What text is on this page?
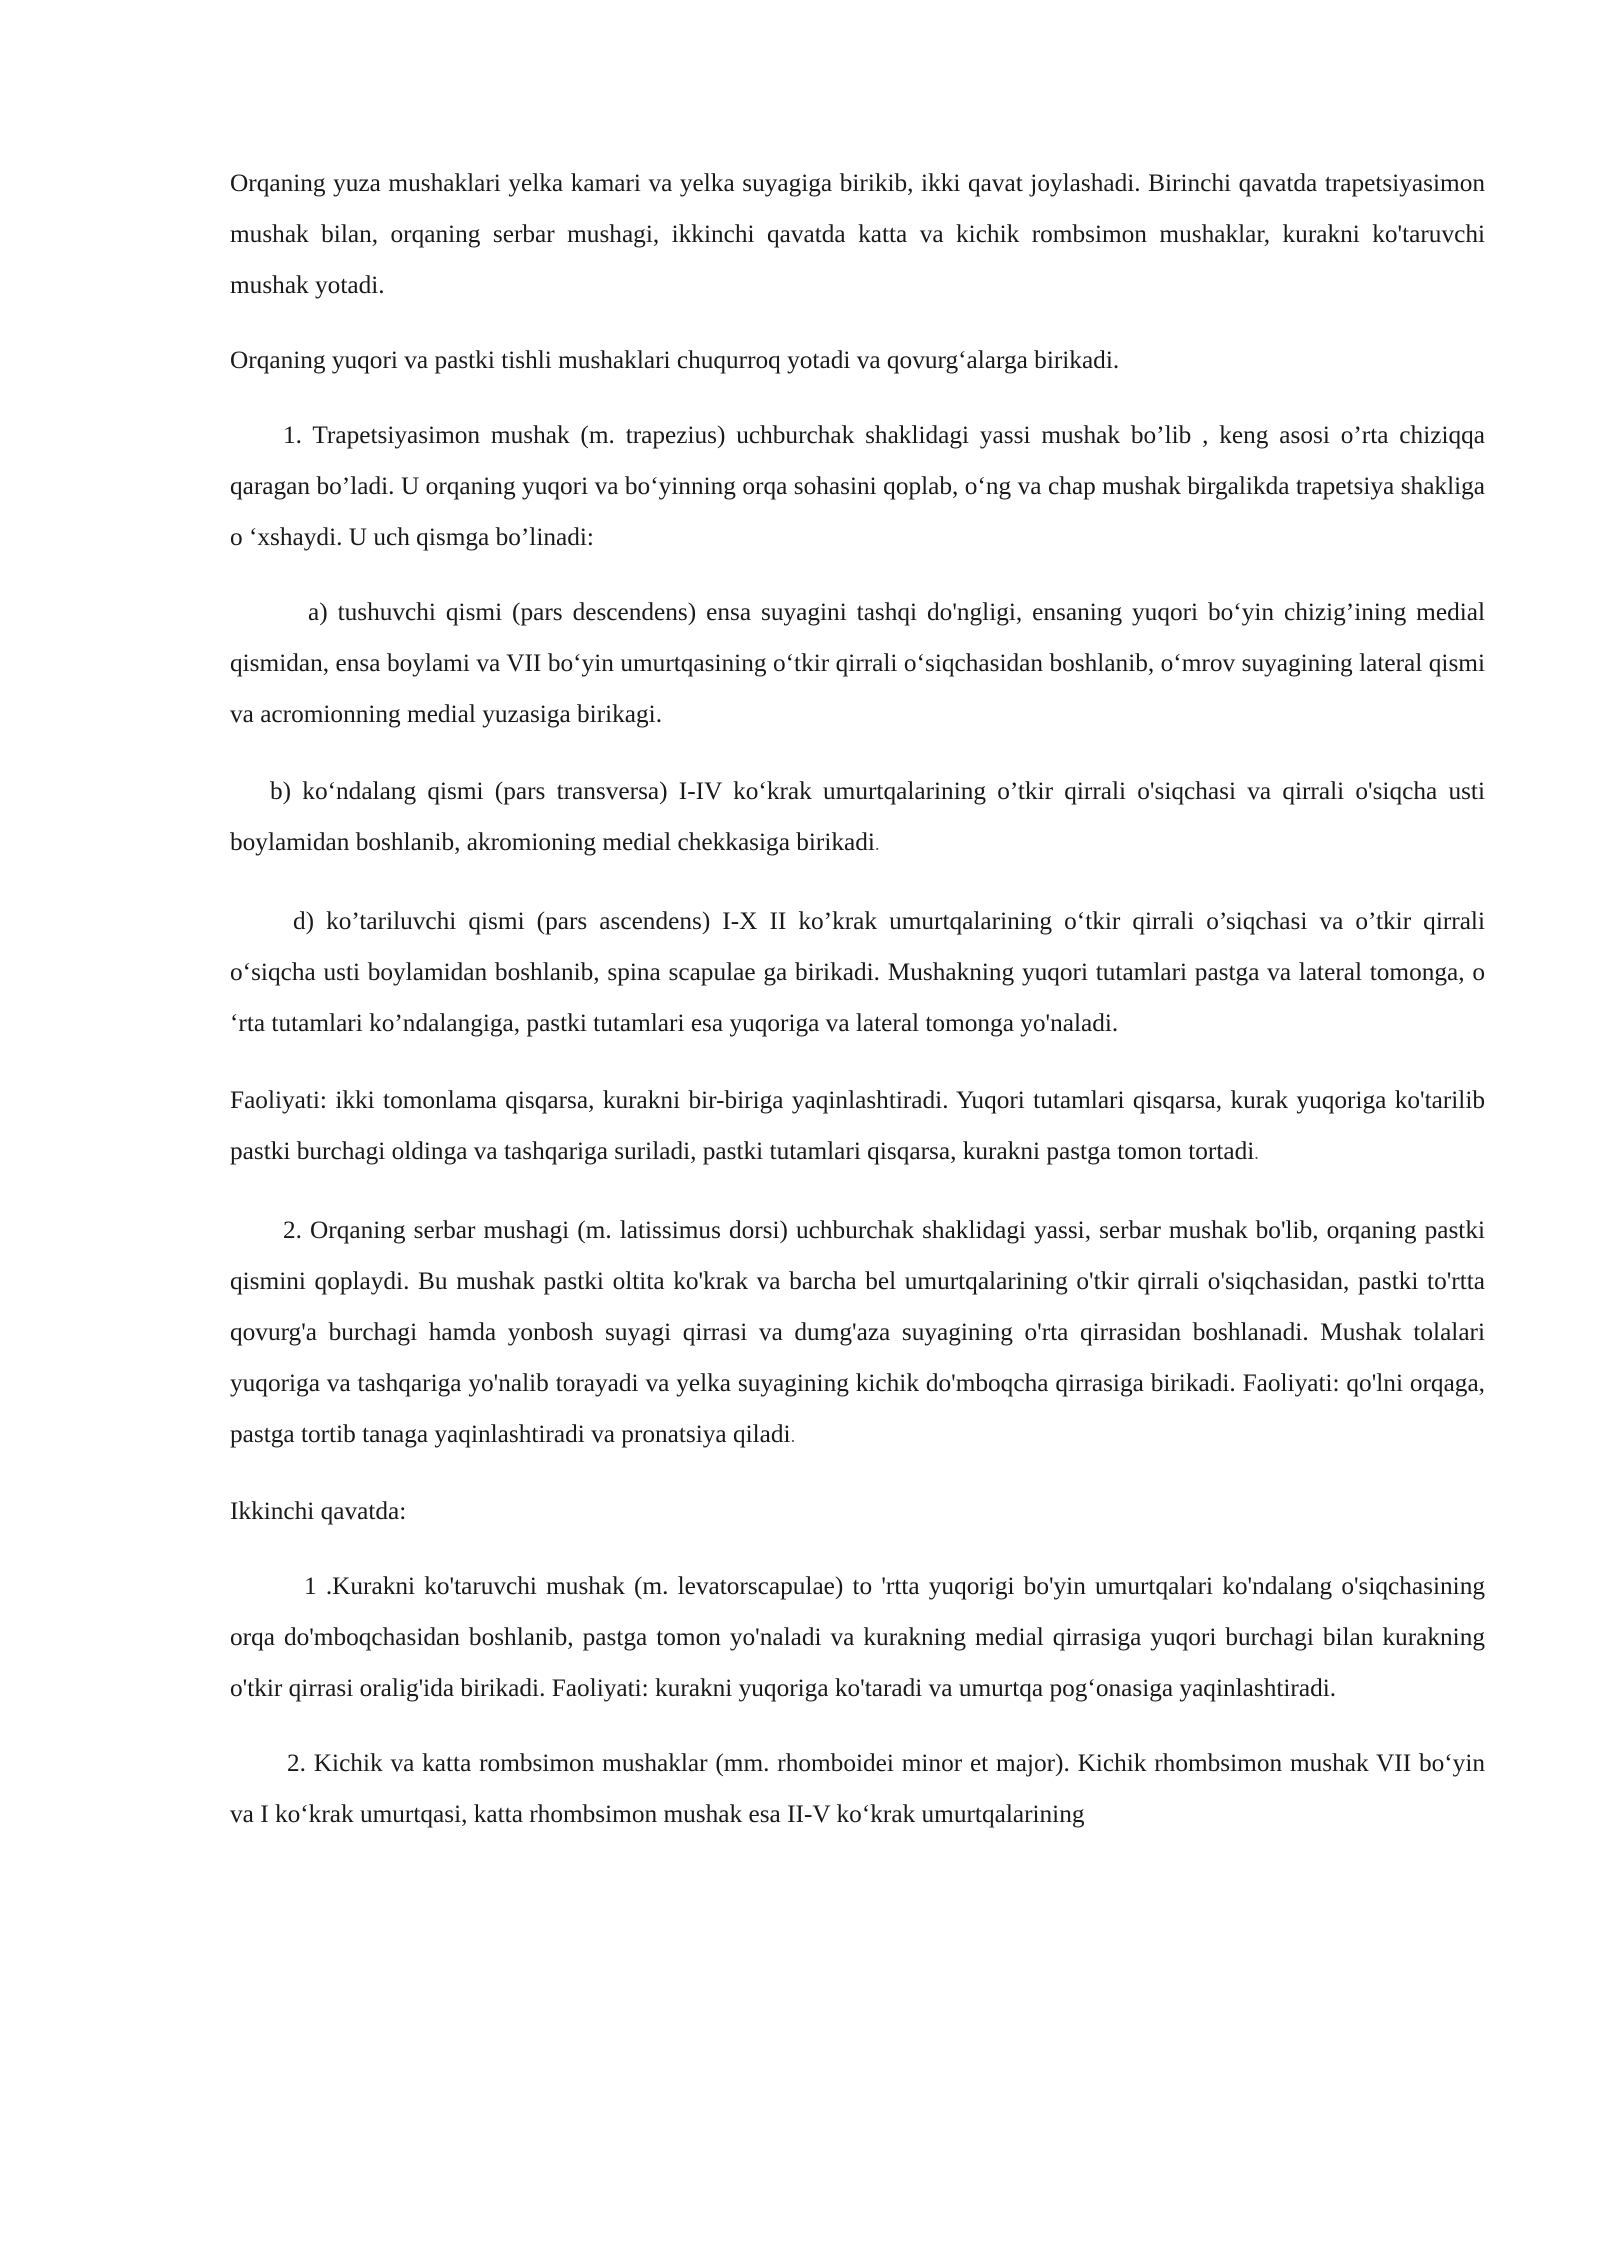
Orqaning yuza mushaklari yelka kamari va yelka suyagiga birikib, ikki qavat joylashadi. Birinchi qavatda trapetsiyasimon mushak bilan, orqaning serbar mushagi, ikkinchi qavatda katta va kichik rombsimon mushaklar, kurakni ko'taruvchi mushak yotadi.

Orqaning yuqori va pastki tishli mushaklari chuqurroq yotadi va qovurg‘alarga birikadi.

1. Trapetsiyasimon mushak (m. trapezius) uchburchak shaklidagi yassi mushak bo’lib , keng asosi o’rta chiziqqa qaragan bo’ladi. U orqaning yuqori va bo‘yinning orqa sohasini qoplab, o‘ng va chap mushak birgalikda trapetsiya shakliga o ‘xshaydi. U uch qismga bo’linadi:

a) tushuvchi qismi (pars descendens) ensa suyagini tashqi do'ngligi, ensaning yuqori bo‘yin chizig’ining medial qismidan, ensa boylami va VII bo‘yin umurtqasining o‘tkir qirrali o‘siqchasidan boshlanib, o‘mrov suyagining lateral qismi va acromionning medial yuzasiga birikagi.

b) ko‘ndalang qismi (pars transversa) I-IV ko‘krak umurtqalarining o’tkir qirrali o'siqchasi va qirrali o'siqcha usti boylamidan boshlanib, akromioning medial chekkasiga birikadi.

d) ko’tariluvchi qismi (pars ascendens) I-X II ko’krak umurtqalarining o‘tkir qirrali o’siqchasi va o’tkir qirrali o‘siqcha usti boylamidan boshlanib, spina scapulae ga birikadi. Mushakning yuqori tutamlari pastga va lateral tomonga, o ‘rta tutamlari ko’ndalangiga, pastki tutamlari esa yuqoriga va lateral tomonga yo'naladi.

Faoliyati: ikki tomonlama qisqarsa, kurakni bir-biriga yaqinlashtiradi. Yuqori tutamlari qisqarsa, kurak yuqoriga ko'tarilib pastki burchagi oldinga va tashqariga suriladi, pastki tutamlari qisqarsa, kurakni pastga tomon tortadi.

2. Orqaning serbar mushagi (m. latissimus dorsi) uchburchak shaklidagi yassi, serbar mushak bo'lib, orqaning pastki qismini qoplaydi. Bu mushak pastki oltita ko'krak va barcha bel umurtqalarining o'tkir qirrali o'siqchasidan, pastki to'rtta qovurg'a burchagi hamda yonbosh suyagi qirrasi va dumg'aza suyagining o'rta qirrasidan boshlanadi. Mushak tolalari yuqoriga va tashqariga yo'nalib torayadi va yelka suyagining kichik do'mboqcha qirrasiga birikadi. Faoliyati: qo'lni orqaga, pastga tortib tanaga yaqinlashtiradi va pronatsiya qiladi.

Ikkinchi qavatda:

1 .Kurakni ko'taruvchi mushak (m. levatorscapulae) to 'rtta yuqorigi bo'yin umurtqalari ko'ndalang o'siqchasining orqa do'mboqchasidan boshlanib, pastga tomon yo'naladi va kurakning medial qirrasiga yuqori burchagi bilan kurakning o'tkir qirrasi oralig'ida birikadi. Faoliyati: kurakni yuqoriga ko'taradi va umurtqa pog‘onasiga yaqinlashtiradi.

2. Kichik va katta rombsimon mushaklar (mm. rhomboidei minor et major). Kichik rhombsimon mushak VII bo‘yin va I ko‘krak umurtqasi, katta rhombsimon mushak esa II-V ko‘krak umurtqalarining
